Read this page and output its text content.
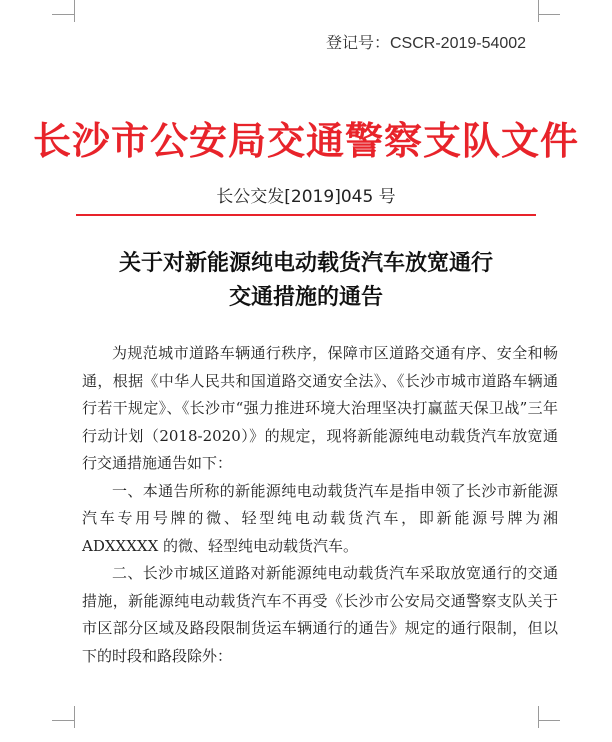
登记号：CSCR-2019-54002
长沙市公安局交通警察支队文件
长公交发[2019]045 号
关于对新能源纯电动载货汽车放宽通行
交通措施的通告

为规范城市道路车辆通行秩序，保障市区道路交通有序、安全和畅通，根据《中华人民共和国道路交通安全法》、《长沙市城市道路车辆通行若干规定》、《长沙市“强力推进环境大治理坚决打赢蓝天保卫战”三年行动计划（2018-2020）》的规定，现将新能源纯电动载货汽车放宽通行交通措施通告如下：

一、本通告所称的新能源纯电动载货汽车是指申领了长沙市新能源汽车专用号牌的微、轻型纯电动载货汽车，即新能源号牌为湘 ADXXXXX 的微、轻型纯电动载货汽车。

二、长沙市城区道路对新能源纯电动载货汽车采取放宽通行的交通措施，新能源纯电动载货汽车不再受《长沙市公安局交通警察支队关于市区部分区域及路段限制货运车辆通行的通告》规定的通行限制，但以下的时段和路段除外：
